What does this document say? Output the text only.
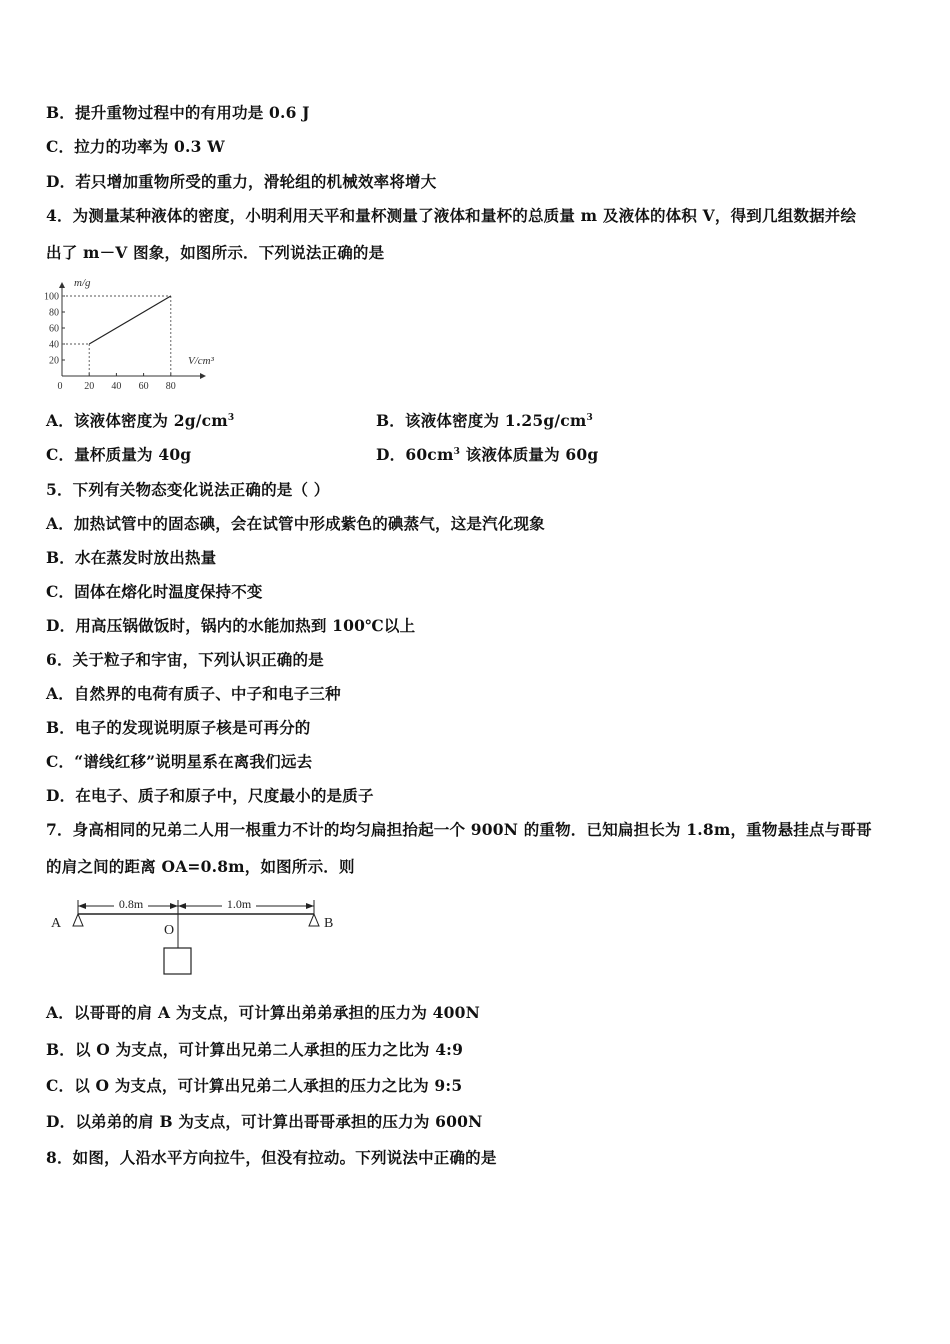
B．提升重物过程中的有用功是 0.6 J
C．拉力的功率为 0.3 W
D．若只增加重物所受的重力，滑轮组的机械效率将增大
4．为测量某种液体的密度，小明利用天平和量杯测量了液体和量杯的总质量 m 及液体的体积 V，得到几组数据并绘
出了 m－V 图象，如图所示．下列说法正确的是
20
40
60
80
100
0 20 40 60 80
m/g
V/cm³
A．该液体密度为 $2g/cm^3$	B．该液体密度为 $1.25g/cm^3$
C．量杯质量为 40g	D．$60cm^3$ 该液体质量为 60g
5．下列有关物态变化说法正确的是（ ）
A．加热试管中的固态碘，会在试管中形成紫色的碘蒸气，这是汽化现象
B．水在蒸发时放出热量
C．固体在熔化时温度保持不变
D．用高压锅做饭时，锅内的水能加热到 100℃以上
6．关于粒子和宇宙，下列认识正确的是
A．自然界的电荷有质子、中子和电子三种
B．电子的发现说明原子核是可再分的
C．“谱线红移”说明星系在离我们远去
D．在电子、质子和原子中，尺度最小的是质子
7．身高相同的兄弟二人用一根重力不计的均匀扁担抬起一个 900N 的重物．已知扁担长为 1.8m，重物悬挂点与哥哥
的肩之间的距离 OA=0.8m，如图所示．则
0.8m	1.0m
A	B
O
A．以哥哥的肩 A 为支点，可计算出弟弟承担的压力为 400N
B．以 O 为支点，可计算出兄弟二人承担的压力之比为 4:9
C．以 O 为支点，可计算出兄弟二人承担的压力之比为 9:5
D．以弟弟的肩 B 为支点，可计算出哥哥承担的压力为 600N
8．如图，人沿水平方向拉牛，但没有拉动。下列说法中正确的是
